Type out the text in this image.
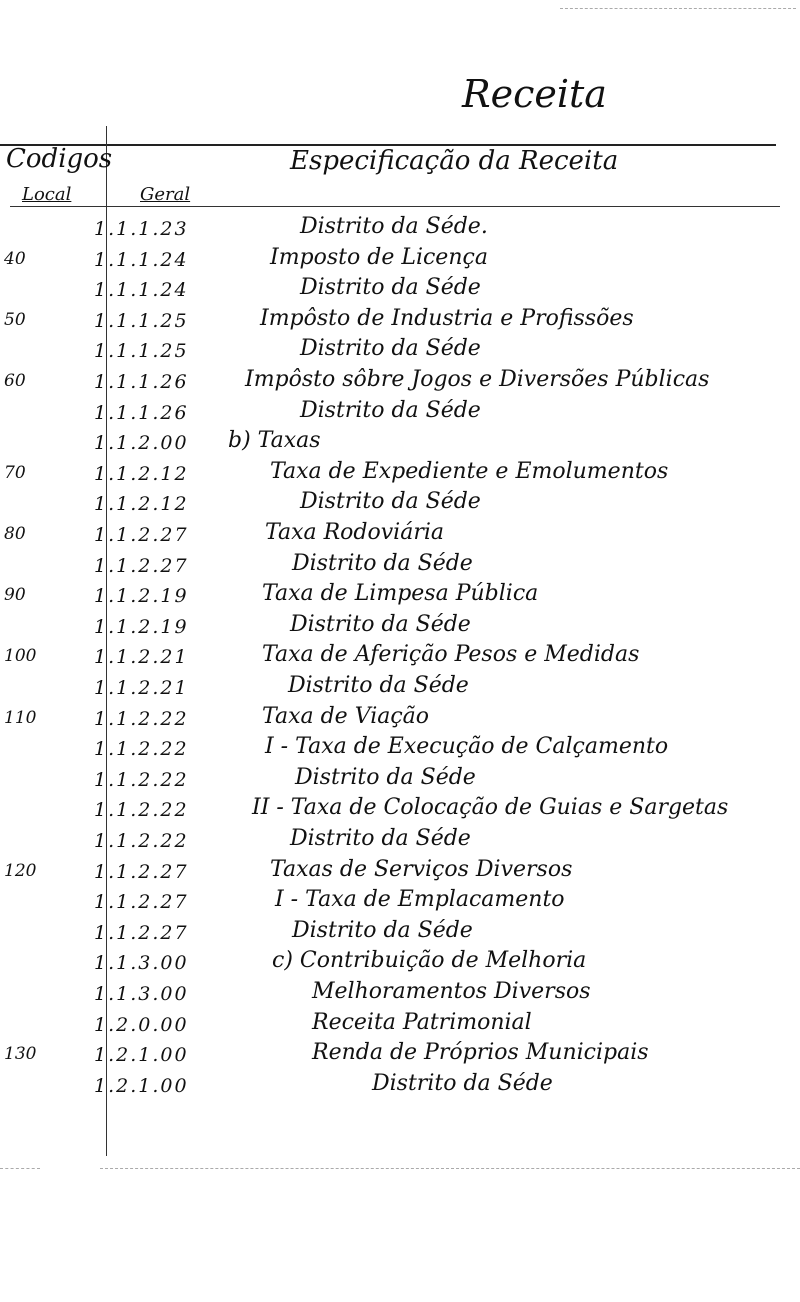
Receita
Codigos
Local	Geral
Especificação da Receita
1.1.1.23	Distrito da Séde.
40	1.1.1.24	Imposto de Licença
1.1.1.24	Distrito da Séde
50	1.1.1.25	Impôsto de Industria e Profissões
1.1.1.25	Distrito da Séde
60	1.1.1.26	Impôsto sôbre Jogos e Diversões Públicas
1.1.1.26	Distrito da Séde
1.1.2.00	b) Taxas
70	1.1.2.12	Taxa de Expediente e Emolumentos
1.1.2.12	Distrito da Séde
80	1.1.2.27	Taxa Rodoviária
1.1.2.27	Distrito da Séde
90	1.1.2.19	Taxa de Limpesa Pública
1.1.2.19	Distrito da Séde
100	1.1.2.21	Taxa de Aferição Pesos e Medidas
1.1.2.21	Distrito da Séde
110	1.1.2.22	Taxa de Viação
1.1.2.22	I - Taxa de Execução de Calçamento
1.1.2.22	Distrito da Séde
1.1.2.22	II - Taxa de Colocação de Guias e Sargetas
1.1.2.22	Distrito da Séde
120	1.1.2.27	Taxas de Serviços Diversos
1.1.2.27	I - Taxa de Emplacamento
1.1.2.27	Distrito da Séde
1.1.3.00	c) Contribuição de Melhoria
1.1.3.00	Melhoramentos Diversos
1.2.0.00	Receita Patrimonial
130	1.2.1.00	Renda de Próprios Municipais
1.2.1.00	Distrito da Séde
